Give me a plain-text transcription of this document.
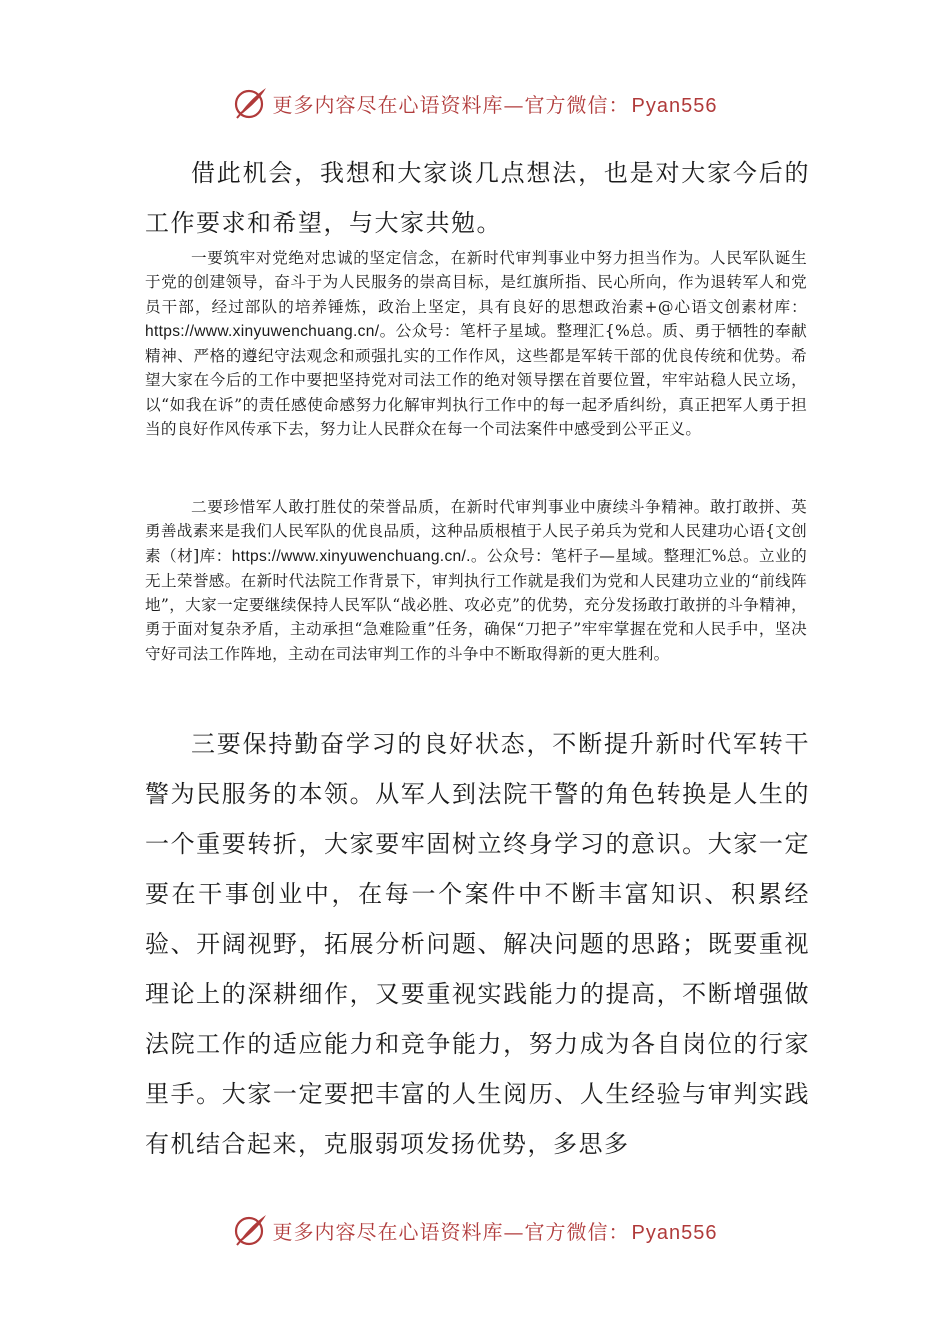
更多内容尽在心语资料库—官方微信： Pyan556

借此机会，我想和大家谈几点想法，也是对大家今后的工作要求和希望，与大家共勉。

一要筑牢对党绝对忠诚的坚定信念，在新时代审判事业中努力担当作为。人民军队诞生于党的创建领导，奋斗于为人民服务的崇高目标，是红旗所指、民心所向，作为退转军人和党员干部，经过部队的培养锤炼，政治上坚定，具有良好的思想政治素+@心语文创素材库：https://www.xinyuwenchuang.cn/。公众号：笔杆子星域。整理汇{%总。质、勇于牺牲的奉献精神、严格的遵纪守法观念和顽强扎实的工作作风，这些都是军转干部的优良传统和优势。希望大家在今后的工作中要把坚持党对司法工作的绝对领导摆在首要位置，牢牢站稳人民立场，以“如我在诉”的责任感使命感努力化解审判执行工作中的每一起矛盾纠纷，真正把军人勇于担当的良好作风传承下去，努力让人民群众在每一个司法案件中感受到公平正义。

二要珍惜军人敢打胜仗的荣誉品质，在新时代审判事业中赓续斗争精神。敢打敢拼、英勇善战素来是我们人民军队的优良品质，这种品质根植于人民子弟兵为党和人民建功心语{文创素（材]库：https://www.xinyuwenchuang.cn/.。公众号：笔杆子—星域。整理汇%总。立业的无上荣誉感。在新时代法院工作背景下，审判执行工作就是我们为党和人民建功立业的“前线阵地”，大家一定要继续保持人民军队“战必胜、攻必克”的优势，充分发扬敢打敢拼的斗争精神，勇于面对复杂矛盾，主动承担“急难险重”任务，确保“刀把子”牢牢掌握在党和人民手中，坚决守好司法工作阵地，主动在司法审判工作的斗争中不断取得新的更大胜利。

三要保持勤奋学习的良好状态，不断提升新时代军转干警为民服务的本领。从军人到法院干警的角色转换是人生的一个重要转折，大家要牢固树立终身学习的意识。大家一定要在干事创业中，在每一个案件中不断丰富知识、积累经验、开阔视野，拓展分析问题、解决问题的思路；既要重视理论上的深耕细作，又要重视实践能力的提高，不断增强做法院工作的适应能力和竞争能力，努力成为各自岗位的行家里手。大家一定要把丰富的人生阅历、人生经验与审判实践有机结合起来，克服弱项发扬优势，多思多

更多内容尽在心语资料库—官方微信： Pyan556
